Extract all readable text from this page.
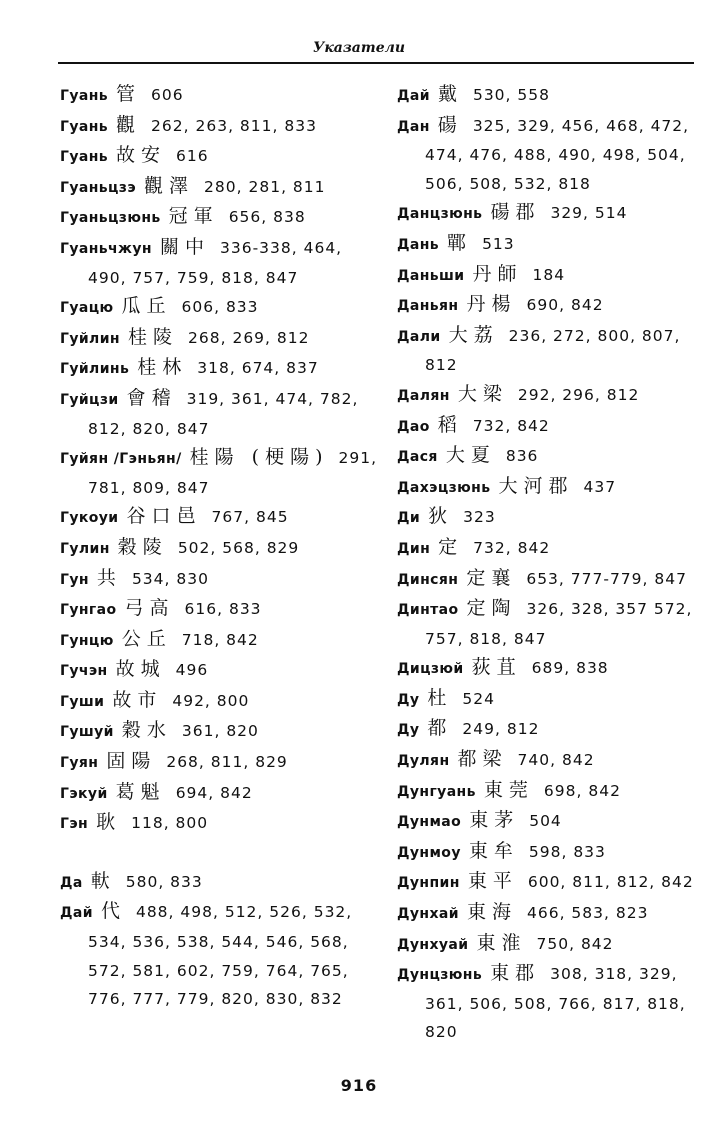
Указатели
Гуань 管 606
Гуань 觀 262, 263, 811, 833
Гуань 故安 616
Гуаньцзэ 觀澤 280, 281, 811
Гуаньцзюнь 冠軍 656, 838
Гуаньчжун 關中 336-338, 464, 490, 757, 759, 818, 847
Гуацю 瓜丘 606, 833
Гуйлин 桂陵 268, 269, 812
Гуйлинь 桂林 318, 674, 837
Гуйцзи 會稽 319, 361, 474, 782, 812, 820, 847
Гуйян /Гэньян/ 桂陽 (梗陽) 291, 781, 809, 847
Гукоуи 谷口邑 767, 845
Гулин 穀陵 502, 568, 829
Гун 共 534, 830
Гунгао 弓高 616, 833
Гунцю 公丘 718, 842
Гучэн 故城 496
Гуши 故市 492, 800
Гушуй 穀水 361, 820
Гуян 固陽 268, 811, 829
Гэкуй 葛魁 694, 842
Гэн 耿 118, 800
Да 軑 580, 833
Дай 代 488, 498, 512, 526, 532, 534, 536, 538, 544, 546, 568, 572, 581, 602, 759, 764, 765, 776, 777, 779, 820, 830, 832
Дай 戴 530, 558
Дан 碭 325, 329, 456, 468, 472, 474, 476, 488, 490, 498, 504, 506, 508, 532, 818
Данцзюнь 碭郡 329, 514
Дань 鄲 513
Даньши 丹師 184
Даньян 丹楊 690, 842
Дали 大荔 236, 272, 800, 807, 812
Далян 大梁 292, 296, 812
Дао 稻 732, 842
Дася 大夏 836
Дахэцзюнь 大河郡 437
Ди 狄 323
Дин 定 732, 842
Динсян 定襄 653, 777-779, 847
Динтао 定陶 326, 328, 357 572, 757, 818, 847
Дицзюй 荻苴 689, 838
Ду 杜 524
Ду 都 249, 812
Дулян 都梁 740, 842
Дунгуань 東莞 698, 842
Дунмао 東茅 504
Дунмоу 東牟 598, 833
Дунпин 東平 600, 811, 812, 842
Дунхай 東海 466, 583, 823
Дунхуай 東淮 750, 842
Дунцзюнь 東郡 308, 318, 329, 361, 506, 508, 766, 817, 818, 820
916
